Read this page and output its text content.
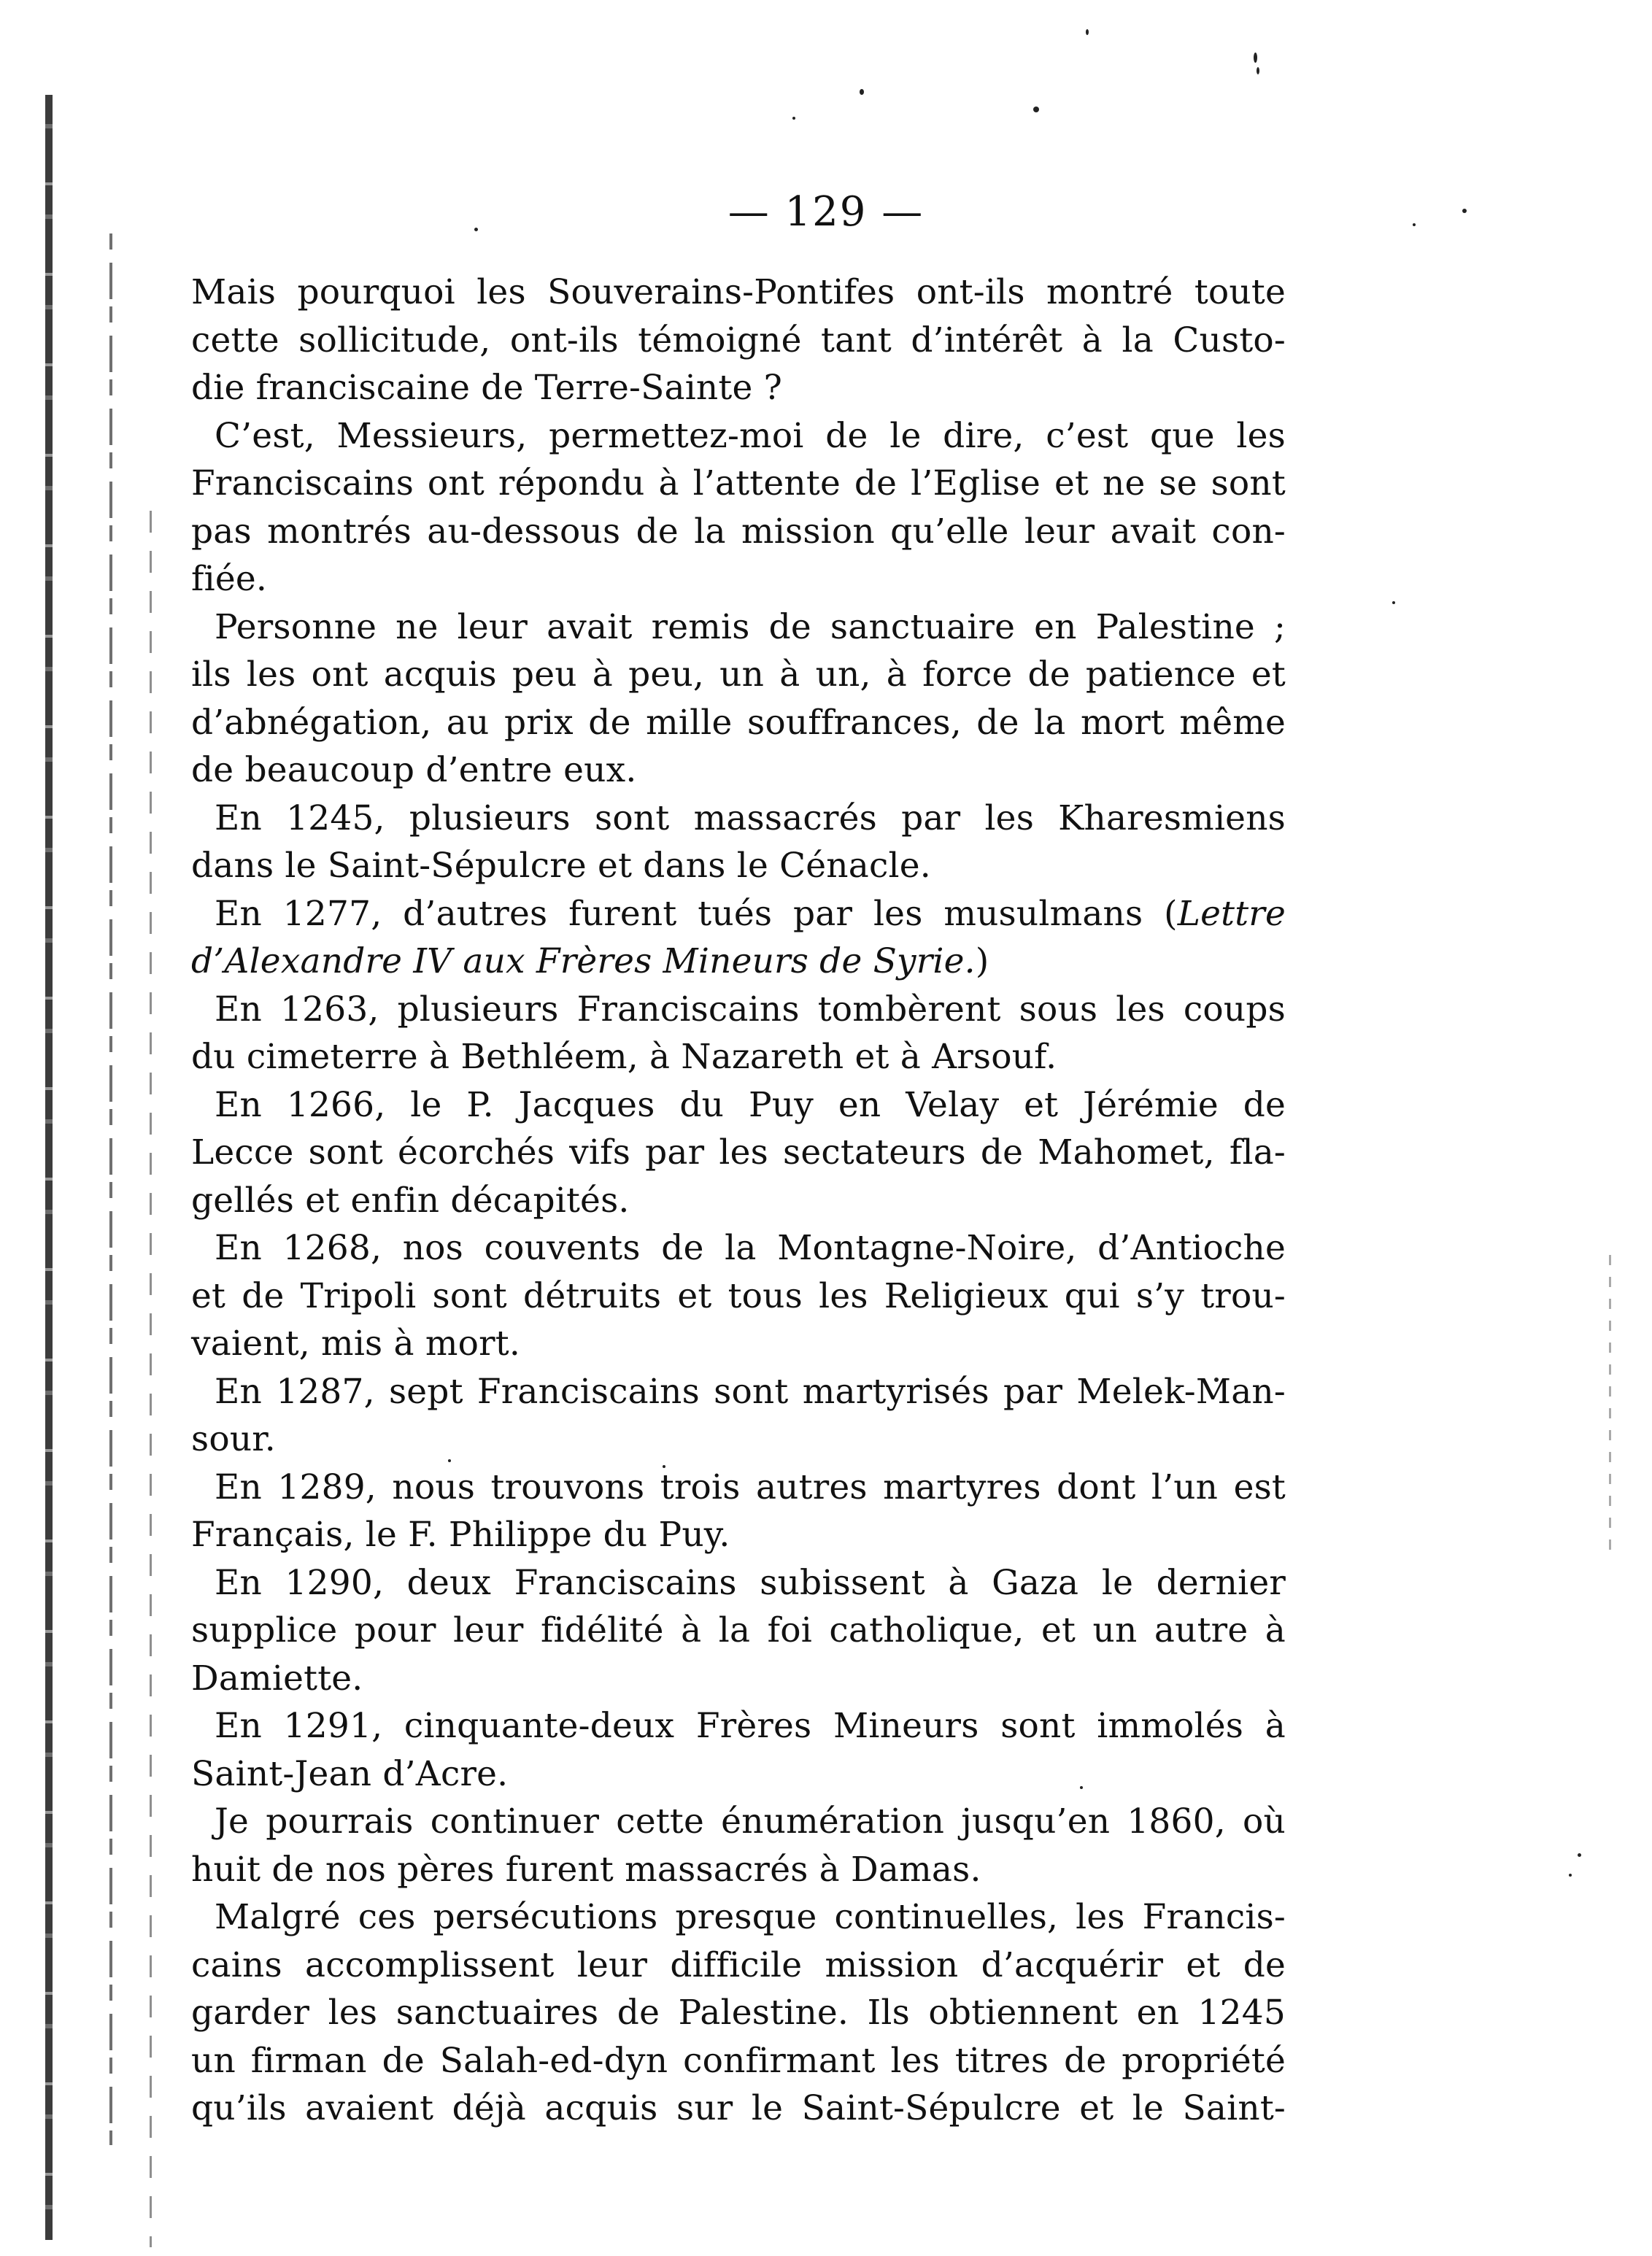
— 129 —
Mais pourquoi les Souverains-Pontifes ont-ils montré toute
cette sollicitude, ont-ils témoigné tant d’intérêt à la Custo-
die franciscaine de Terre-Sainte ?
C’est, Messieurs, permettez-moi de le dire, c’est que les
Franciscains ont répondu à l’attente de l’Eglise et ne se sont
pas montrés au-dessous de la mission qu’elle leur avait con-
fiée.
Personne ne leur avait remis de sanctuaire en Palestine ;
ils les ont acquis peu à peu, un à un, à force de patience et
d’abnégation, au prix de mille souffrances, de la mort même
de beaucoup d’entre eux.
En 1245, plusieurs sont massacrés par les Kharesmiens
dans le Saint-Sépulcre et dans le Cénacle.
En 1277, d’autres furent tués par les musulmans (Lettre
d’Alexandre IV aux Frères Mineurs de Syrie.)
En 1263, plusieurs Franciscains tombèrent sous les coups
du cimeterre à Bethléem, à Nazareth et à Arsouf.
En 1266, le P. Jacques du Puy en Velay et Jérémie de
Lecce sont écorchés vifs par les sectateurs de Mahomet, fla-
gellés et enfin décapités.
En 1268, nos couvents de la Montagne-Noire, d’Antioche
et de Tripoli sont détruits et tous les Religieux qui s’y trou-
vaient, mis à mort.
En 1287, sept Franciscains sont martyrisés par Melek-Man-
sour.
En 1289, nous trouvons trois autres martyres dont l’un est
Français, le F. Philippe du Puy.
En 1290, deux Franciscains subissent à Gaza le dernier
supplice pour leur fidélité à la foi catholique, et un autre à
Damiette.
En 1291, cinquante-deux Frères Mineurs sont immolés à
Saint-Jean d’Acre.
Je pourrais continuer cette énumération jusqu’en 1860, où
huit de nos pères furent massacrés à Damas.
Malgré ces persécutions presque continuelles, les Francis-
cains accomplissent leur difficile mission d’acquérir et de
garder les sanctuaires de Palestine. Ils obtiennent en 1245
un firman de Salah-ed-dyn confirmant les titres de propriété
qu’ils avaient déjà acquis sur le Saint-Sépulcre et le Saint-
